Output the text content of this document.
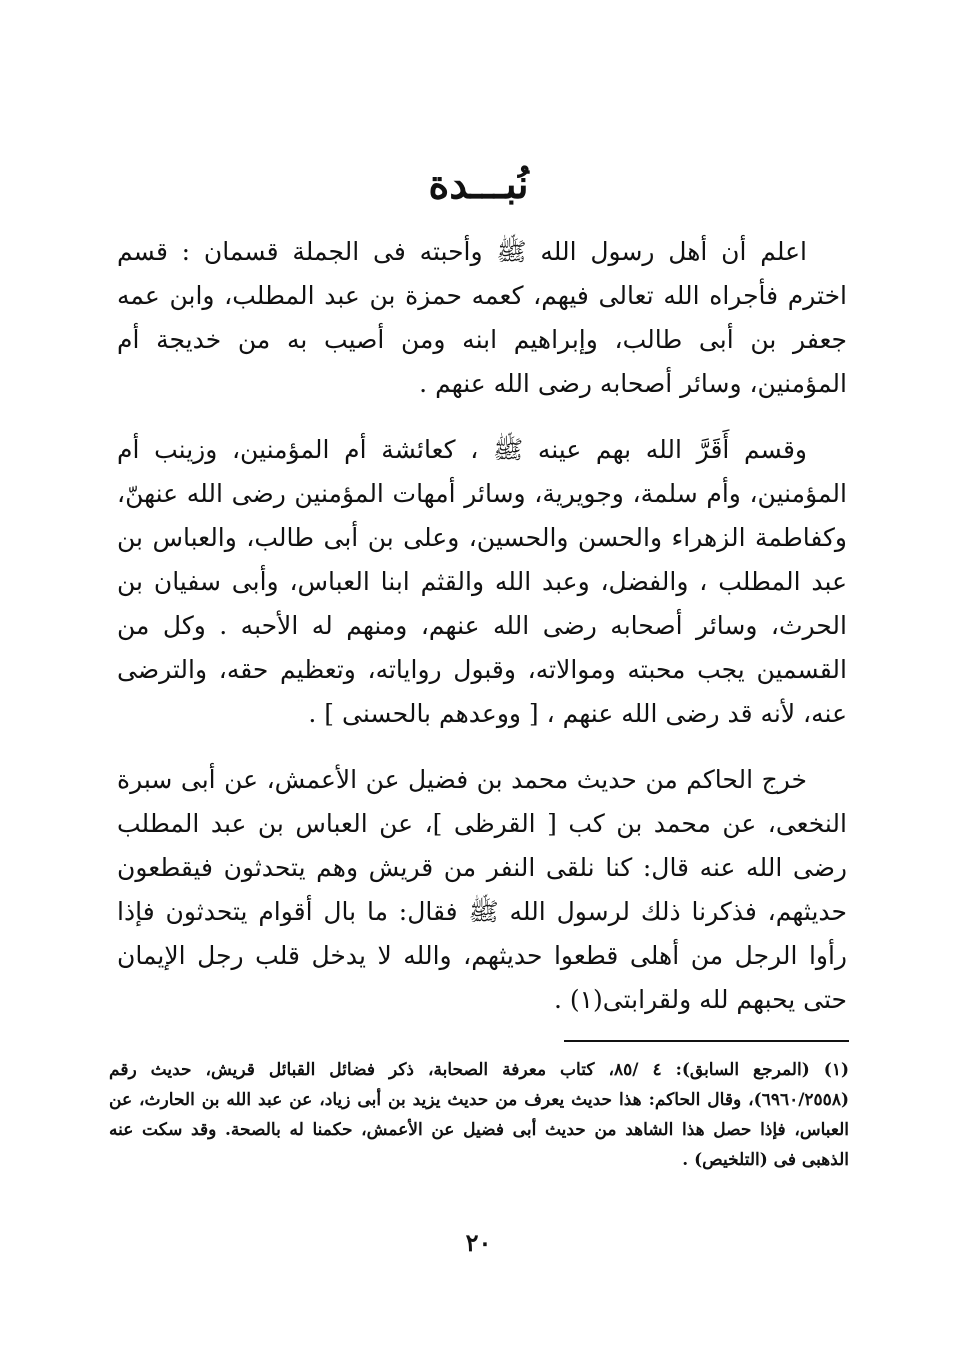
نُبـــدة

اعلم أن أهل رسول الله ﷺ وأحبته فى الجملة قسمان : قسم اخترم فأجراه الله تعالى فيهم، كعمه حمزة بن عبد المطلب، وابن عمه جعفر بن أبى طالب، وإبراهيم ابنه ومن أصيب به من خديجة أم المؤمنين، وسائر أصحابه رضى الله عنهم .

وقسم أَقَرَّ الله بهم عينه ﷺ ، كعائشة أم المؤمنين، وزينب أم المؤمنين، وأم سلمة، وجويرية، وسائر أمهات المؤمنين رضى الله عنهنّ، وكفاطمة الزهراء والحسن والحسين، وعلى بن أبى طالب، والعباس بن عبد المطلب ، والفضل، وعبد الله والقثم ابنا العباس، وأبى سفيان بن الحرث، وسائر أصحابه رضى الله عنهم، ومنهم له الأحبه . وكل من القسمين يجب محبته وموالاته، وقبول رواياته، وتعظيم حقه، والترضى عنه، لأنه قد رضى الله عنهم ، [ ووعدهم بالحسنى ] .

خرج الحاكم من حديث محمد بن فضيل عن الأعمش، عن أبى سبرة النخعى، عن محمد بن كب [ القرظى ]، عن العباس بن عبد المطلب رضى الله عنه قال: كنا نلقى النفر من قريش وهم يتحدثون فيقطعون حديثهم، فذكرنا ذلك لرسول الله ﷺ فقال: ما بال أقوام يتحدثون فإذا رأوا الرجل من أهلى قطعوا حديثهم، والله لا يدخل قلب رجل الإيمان حتى يحبهم لله ولقرابتى(١) .

(١) (المرجع السابق): ٤ /٨٥، كتاب معرفة الصحابة، ذكر فضائل القبائل قريش، حديث رقم (٦٩٦٠/٢٥٥٨)، وقال الحاكم: هذا حديث يعرف من حديث يزيد بن أبى زياد، عن عبد الله بن الحارث، عن العباس، فإذا حصل هذا الشاهد من حديث أبى فضيل عن الأعمش، حكمنا له بالصحة. وقد سكت عنه الذهبى فى (التلخيص) .

٢٠
